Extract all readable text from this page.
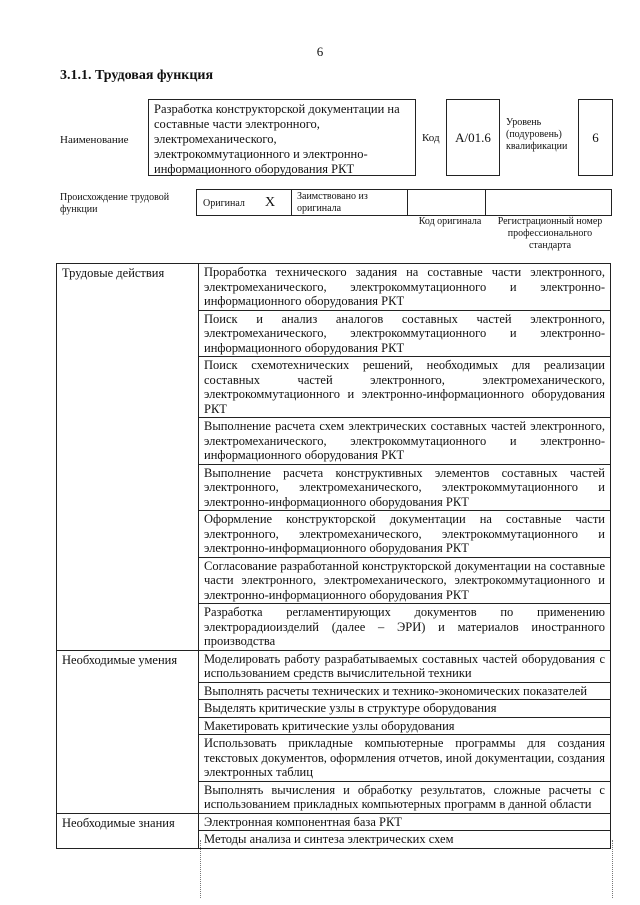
6
3.1.1. Трудовая функция
Наименование
Разработка конструкторской документации на составные части электронного, электромеханического, электрокоммутационного и электронно-информационного оборудования РКТ
Код	A/01.6
Уровень (подуровень) квалификации
6
Происхождение трудовой функции
Оригинал X Заимствовано из оригинала
Код оригинала	Регистрационный номер профессионального стандарта
Трудовые действия	Проработка технического задания на составные части электронного, электромеханического, электрокоммутационного и электронно-информационного оборудования РКТ
	Поиск и анализ аналогов составных частей электронного, электромеханического, электрокоммутационного и электронно-информационного оборудования РКТ
	Поиск схемотехнических решений, необходимых для реализации составных частей электронного, электромеханического, электрокоммутационного и электронно-информационного оборудования РКТ
	Выполнение расчета схем электрических составных частей электронного, электромеханического, электрокоммутационного и электронно-информационного оборудования РКТ
	Выполнение расчета конструктивных элементов составных частей электронного, электромеханического, электрокоммутационного и электронно-информационного оборудования РКТ
	Оформление конструкторской документации на составные части электронного, электромеханического, электрокоммутационного и электронно-информационного оборудования РКТ
	Согласование разработанной конструкторской документации на составные части электронного, электромеханического, электрокоммутационного и электронно-информационного оборудования РКТ
	Разработка регламентирующих документов по применению электрорадиоизделий (далее – ЭРИ) и материалов иностранного производства
Необходимые умения	Моделировать работу разрабатываемых составных частей оборудования с использованием средств вычислительной техники
	Выполнять расчеты технических и технико-экономических показателей
	Выделять критические узлы в структуре оборудования
	Макетировать критические узлы оборудования
	Использовать прикладные компьютерные программы для создания текстовых документов, оформления отчетов, иной документации, создания электронных таблиц
	Выполнять вычисления и обработку результатов, сложные расчеты с использованием прикладных компьютерных программ в данной области
Необходимые знания	Электронная компонентная база РКТ
	Методы анализа и синтеза электрических схем
